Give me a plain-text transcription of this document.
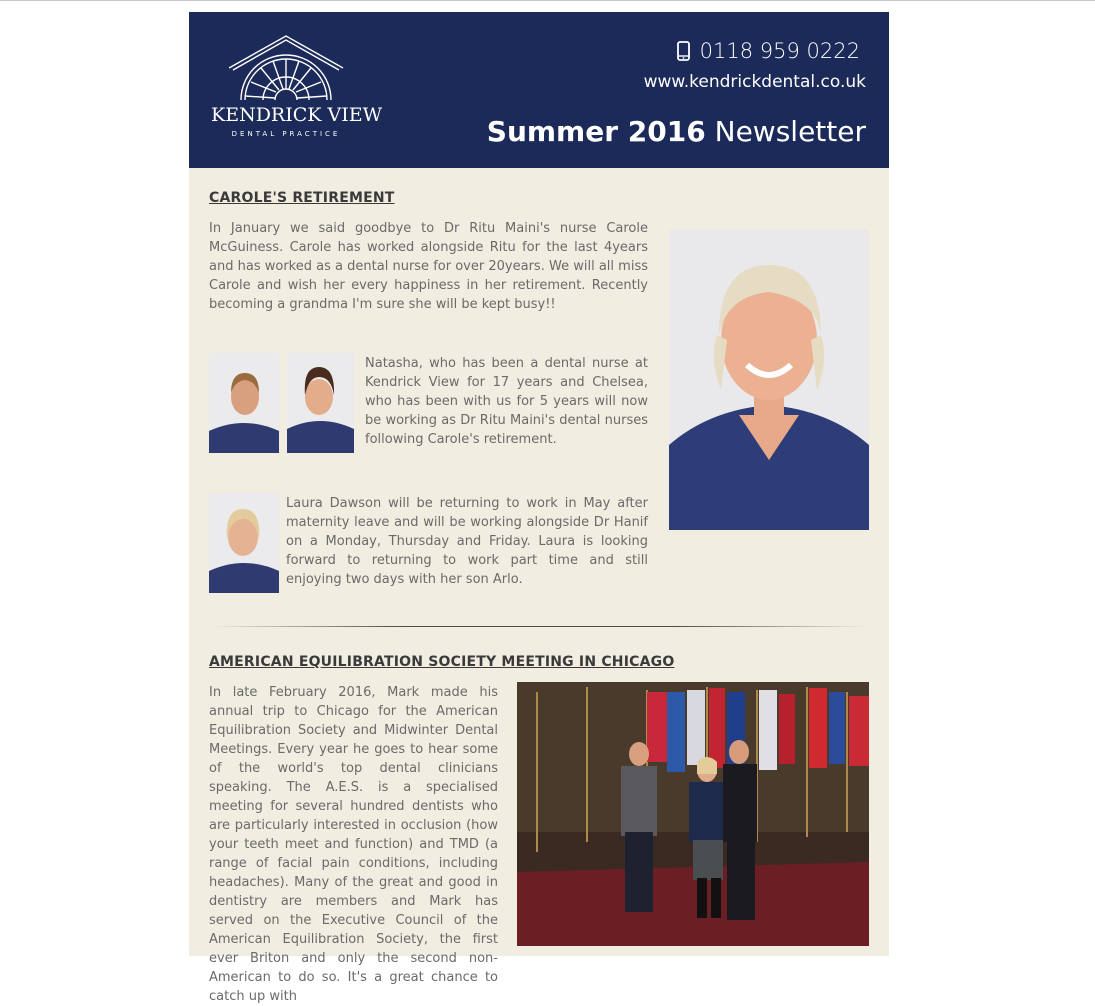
KENDRICK VIEW
DENTAL PRACTICE
0118 959 0222
www.kendrickdental.co.uk
Summer 2016 Newsletter
CAROLE'S RETIREMENT

In January we said goodbye to Dr Ritu Maini's nurse Carole McGuiness. Carole has worked alongside Ritu for the last 4years and has worked as a dental nurse for over 20years. We will all miss Carole and wish her every happiness in her retirement. Recently becoming a grandma I'm sure she will be kept busy!!

Natasha, who has been a dental nurse at Kendrick View for 17 years and Chelsea, who has been with us for 5 years will now be working as Dr Ritu Maini's dental nurses following Carole's retirement.

Laura Dawson will be returning to work in May after maternity leave and will be working alongside Dr Hanif on a Monday, Thursday and Friday. Laura is looking forward to returning to work part time and still enjoying two days with her son Arlo.

AMERICAN EQUILIBRATION SOCIETY MEETING IN CHICAGO

In late February 2016, Mark made his annual trip to Chicago for the American Equilibration Society and Midwinter Dental Meetings. Every year he goes to hear some of the world's top dental clinicians speaking. The A.E.S. is a specialised meeting for several hundred dentists who are particularly interested in occlusion (how your teeth meet and function) and TMD (a range of facial pain conditions, including headaches). Many of the great and good in dentistry are members and Mark has served on the Executive Council of the American Equilibration Society, the first ever Briton and only the second non-American to do so. It's a great chance to catch up with
